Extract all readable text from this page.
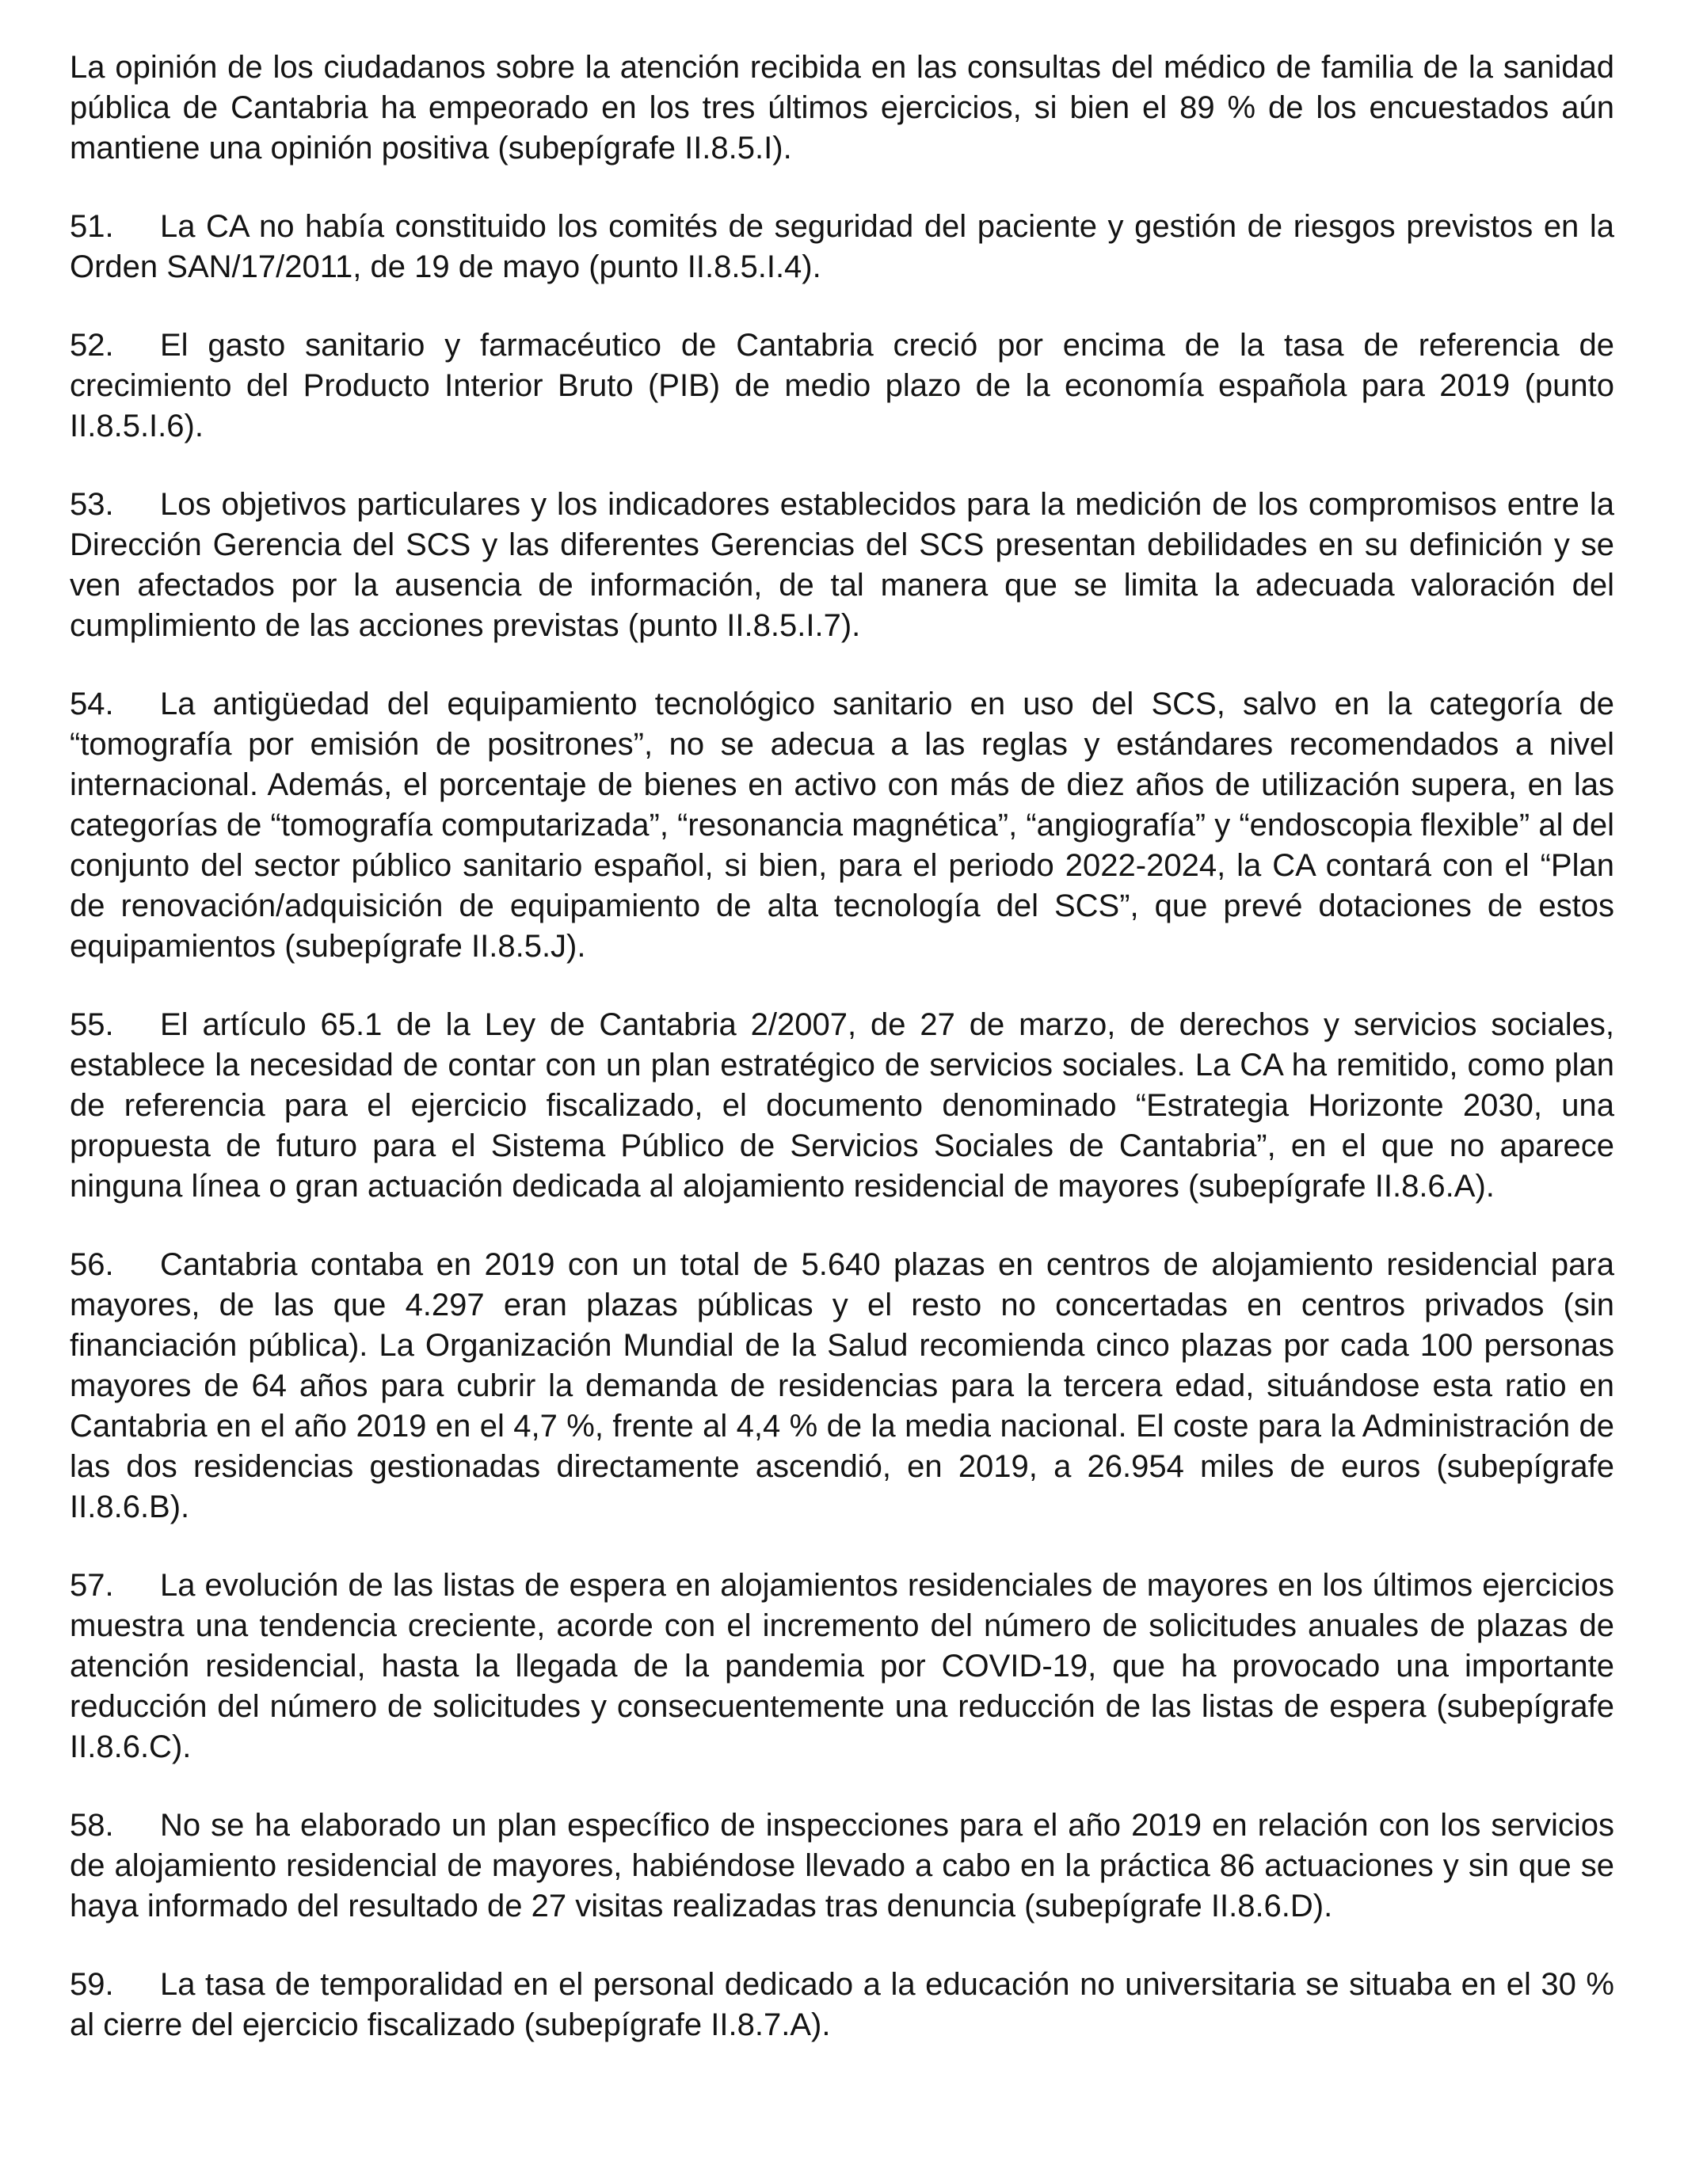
La opinión de los ciudadanos sobre la atención recibida en las consultas del médico de familia de la sanidad pública de Cantabria ha empeorado en los tres últimos ejercicios, si bien el 89 % de los encuestados aún mantiene una opinión positiva (subepígrafe II.8.5.I).

51. La CA no había constituido los comités de seguridad del paciente y gestión de riesgos previstos en la Orden SAN/17/2011, de 19 de mayo (punto II.8.5.I.4).

52. El gasto sanitario y farmacéutico de Cantabria creció por encima de la tasa de referencia de crecimiento del Producto Interior Bruto (PIB) de medio plazo de la economía española para 2019 (punto II.8.5.I.6).

53. Los objetivos particulares y los indicadores establecidos para la medición de los compromisos entre la Dirección Gerencia del SCS y las diferentes Gerencias del SCS presentan debilidades en su definición y se ven afectados por la ausencia de información, de tal manera que se limita la adecuada valoración del cumplimiento de las acciones previstas (punto II.8.5.I.7).

54. La antigüedad del equipamiento tecnológico sanitario en uso del SCS, salvo en la categoría de “tomografía por emisión de positrones”, no se adecua a las reglas y estándares recomendados a nivel internacional. Además, el porcentaje de bienes en activo con más de diez años de utilización supera, en las categorías de “tomografía computarizada”, “resonancia magnética”, “angiografía” y “endoscopia flexible” al del conjunto del sector público sanitario español, si bien, para el periodo 2022-2024, la CA contará con el “Plan de renovación/adquisición de equipamiento de alta tecnología del SCS”, que prevé dotaciones de estos equipamientos (subepígrafe II.8.5.J).

55. El artículo 65.1 de la Ley de Cantabria 2/2007, de 27 de marzo, de derechos y servicios sociales, establece la necesidad de contar con un plan estratégico de servicios sociales. La CA ha remitido, como plan de referencia para el ejercicio fiscalizado, el documento denominado “Estrategia Horizonte 2030, una propuesta de futuro para el Sistema Público de Servicios Sociales de Cantabria”, en el que no aparece ninguna línea o gran actuación dedicada al alojamiento residencial de mayores (subepígrafe II.8.6.A).

56. Cantabria contaba en 2019 con un total de 5.640 plazas en centros de alojamiento residencial para mayores, de las que 4.297 eran plazas públicas y el resto no concertadas en centros privados (sin financiación pública). La Organización Mundial de la Salud recomienda cinco plazas por cada 100 personas mayores de 64 años para cubrir la demanda de residencias para la tercera edad, situándose esta ratio en Cantabria en el año 2019 en el 4,7 %, frente al 4,4 % de la media nacional. El coste para la Administración de las dos residencias gestionadas directamente ascendió, en 2019, a 26.954 miles de euros (subepígrafe II.8.6.B).

57. La evolución de las listas de espera en alojamientos residenciales de mayores en los últimos ejercicios muestra una tendencia creciente, acorde con el incremento del número de solicitudes anuales de plazas de atención residencial, hasta la llegada de la pandemia por COVID-19, que ha provocado una importante reducción del número de solicitudes y consecuentemente una reducción de las listas de espera (subepígrafe II.8.6.C).

58. No se ha elaborado un plan específico de inspecciones para el año 2019 en relación con los servicios de alojamiento residencial de mayores, habiéndose llevado a cabo en la práctica 86 actuaciones y sin que se haya informado del resultado de 27 visitas realizadas tras denuncia (subepígrafe II.8.6.D).

59. La tasa de temporalidad en el personal dedicado a la educación no universitaria se situaba en el 30 % al cierre del ejercicio fiscalizado (subepígrafe II.8.7.A).
